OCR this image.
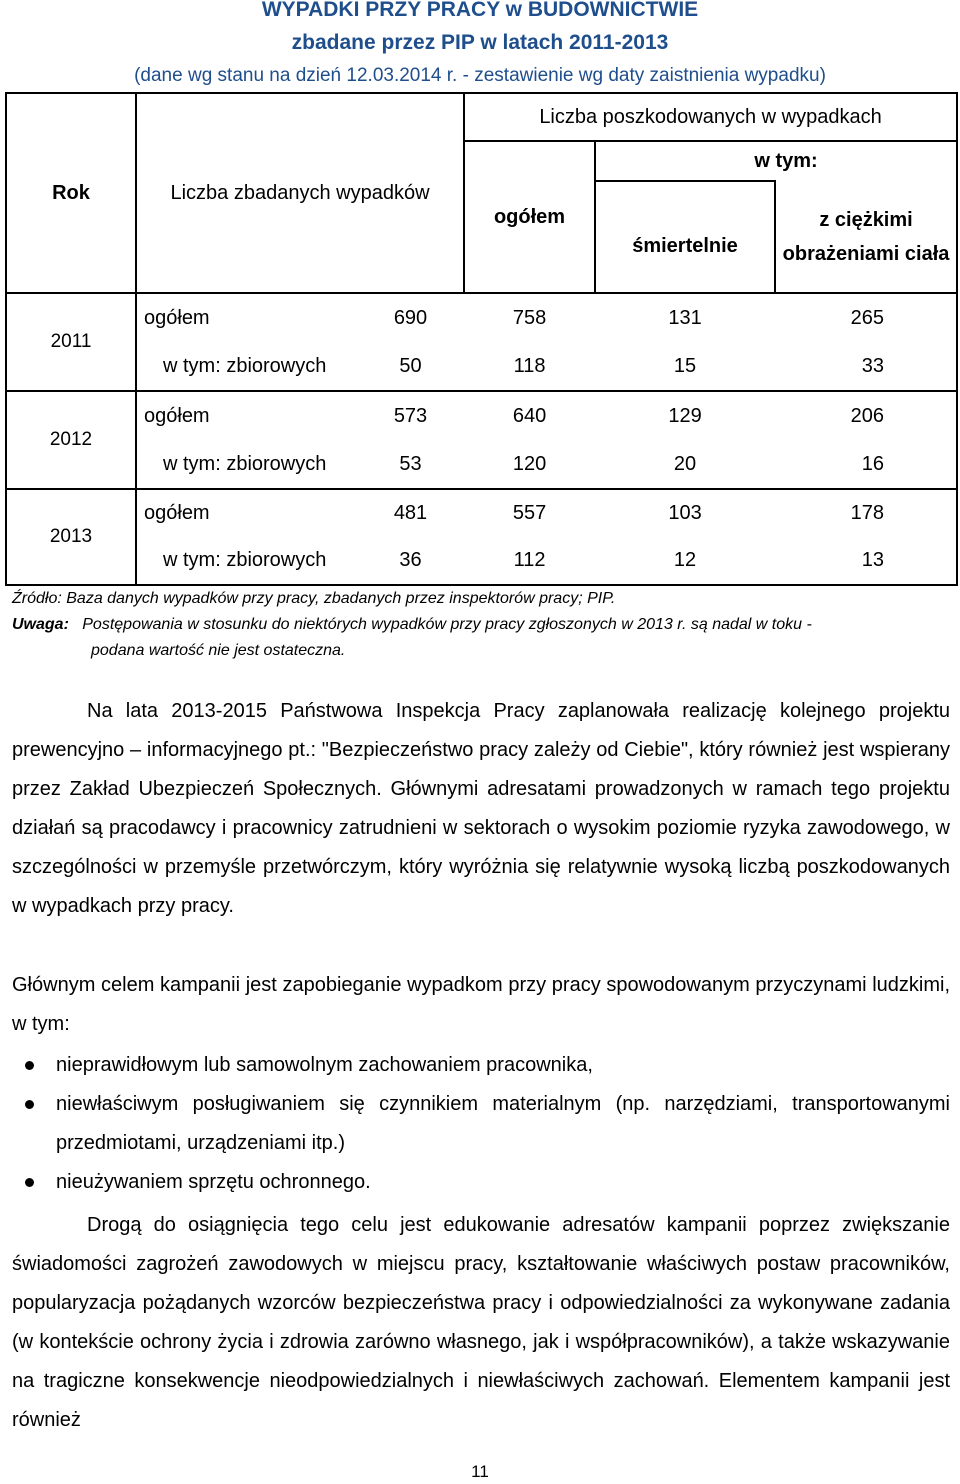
WYPADKI PRZY PRACY w BUDOWNICTWIE
zbadane przez PIP w latach 2011-2013
(dane wg stanu na dzień 12.03.2014 r. - zestawienie wg daty zaistnienia wypadku)
Rok	Liczba zbadanych wypadków		Liczba poszkodowanych w wypadkach		
			ogółem	w tym:	
				śmiertelnie	z ciężkimi obrażeniami ciała
2011	ogółem	690	758	131	265
	w tym: zbiorowych	50	118	15	33
2012	ogółem	573	640	129	206
	w tym: zbiorowych	53	120	20	16
2013	ogółem	481	557	103	178
	w tym: zbiorowych	36	112	12	13
Źródło: Baza danych wypadków przy pracy, zbadanych przez inspektorów pracy; PIP.
Uwaga: Postępowania w stosunku do niektórych wypadków przy pracy zgłoszonych w 2013 r. są nadal w toku -
podana wartość nie jest ostateczna.
Na lata 2013-2015 Państwowa Inspekcja Pracy zaplanowała realizację kolejnego projektu prewencyjno – informacyjnego pt.: "Bezpieczeństwo pracy zależy od Ciebie", który również jest wspierany przez Zakład Ubezpieczeń Społecznych. Głównymi adresatami prowadzonych w ramach tego projektu działań są pracodawcy i pracownicy zatrudnieni w sektorach o wysokim poziomie ryzyka zawodowego, w szczególności w przemyśle przetwórczym, który wyróżnia się relatywnie wysoką liczbą poszkodowanych w wypadkach przy pracy.
Głównym celem kampanii jest zapobieganie wypadkom przy pracy spowodowanym przyczynami ludzkimi, w tym:
nieprawidłowym lub samowolnym zachowaniem pracownika,
niewłaściwym posługiwaniem się czynnikiem materialnym (np. narzędziami, transportowanymi przedmiotami, urządzeniami itp.)
nieużywaniem sprzętu ochronnego.
Drogą do osiągnięcia tego celu jest edukowanie adresatów kampanii poprzez zwiększanie świadomości zagrożeń zawodowych w miejscu pracy, kształtowanie właściwych postaw pracowników, popularyzacja pożądanych wzorców bezpieczeństwa pracy i odpowiedzialności za wykonywane zadania (w kontekście ochrony życia i zdrowia zarówno własnego, jak i współpracowników), a także wskazywanie na tragiczne konsekwencje nieodpowiedzialnych i niewłaściwych zachowań. Elementem kampanii jest również
11
